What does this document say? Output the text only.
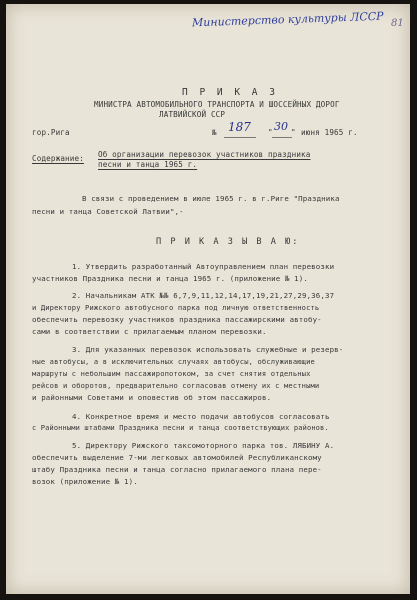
Министерство культуры ЛССР 81
П Р И К А З
МИНИСТРА АВТОМОБИЛЬНОГО ТРАНСПОРТА И ШОССЕЙНЫХ ДОРОГ
ЛАТВИЙСКОЙ ССР
гор.Рига	№ 187 " 30 " июня 1965 г.
Содержание: Об организации перевозок участников праздника
песни и танца 1965 г.
В связи с проведением в июле 1965 г. в г.Риге "Праздника
песни и танца Советской Латвии",-
П Р И К А З Ы В А Ю:
1. Утвердить разработанный Автоуправлением план перевозки
участников Праздника песни и танца 1965 г. (приложение № 1).
2. Начальникам АТК №№ 6,7,9,11,12,14,17,19,21,27,29,36,37
и Директору Рижского автобусного парка под личную ответственность
обеспечить перевозку участников праздника пассажирскими автобу-
сами в соответствии с прилагаемым планом перевозки.
3. Для указанных перевозок использовать служебные и резерв-
ные автобусы, а в исключительных случаях автобусы, обслуживающие
маршруты с небольшим пассажиропотоком, за счет снятия отдельных
рейсов и оборотов, предварительно согласовав отмену их с местными
и районными Советами и оповестив об этом пассажиров.
4. Конкретное время и место подачи автобусов согласовать
с Районными штабами Праздника песни и танца соответствующих районов.
5. Директору Рижского таксомоторного парка тов. ЛЯБИНУ А.
обеспечить выделение 7-ми легковых автомобилей Республиканскому
штабу Праздника песни и танца согласно прилагаемого плана пере-
возок (приложение № 1).
